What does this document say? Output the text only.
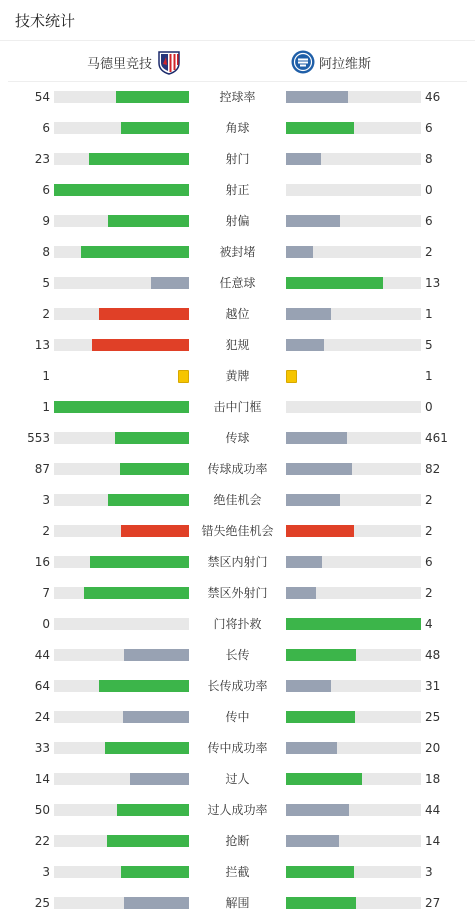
技术统计
马德里竞技	阿拉维斯
54	控球率	46
6	角球	6
23	射门	8
6	射正	0
9	射偏	6
8	被封堵	2
5	任意球	13
2	越位	1
13	犯规	5
1	黄牌	1
1	击中门框	0
553	传球	461
87	传球成功率	82
3	绝佳机会	2
2	错失绝佳机会	2
16	禁区内射门	6
7	禁区外射门	2
0	门将扑救	4
44	长传	48
64	长传成功率	31
24	传中	25
33	传中成功率	20
14	过人	18
50	过人成功率	44
22	抢断	14
3	拦截	3
25	解围	27
